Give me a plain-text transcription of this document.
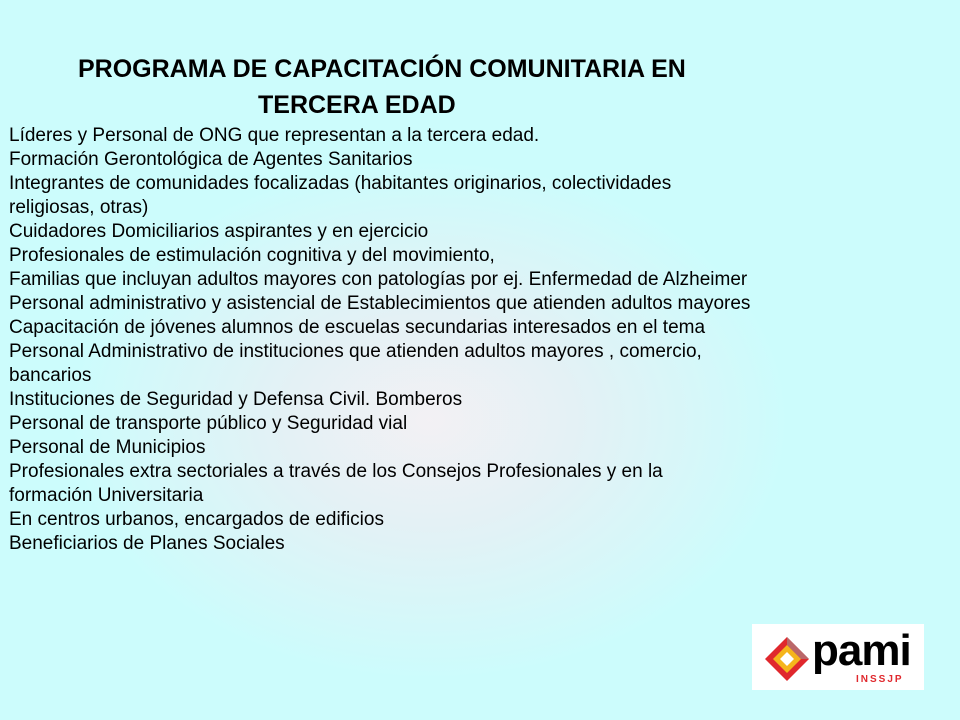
PROGRAMA DE CAPACITACIÓN COMUNITARIA EN
TERCERA EDAD
Líderes y Personal de ONG que representan a la tercera edad.
Formación Gerontológica de Agentes Sanitarios
Integrantes de comunidades focalizadas (habitantes originarios, colectividades
religiosas, otras)
Cuidadores Domiciliarios aspirantes y en ejercicio
Profesionales de estimulación cognitiva y del movimiento,
Familias que incluyan adultos mayores con patologías por ej. Enfermedad de Alzheimer
Personal administrativo y asistencial de Establecimientos que atienden adultos mayores
Capacitación de jóvenes alumnos de escuelas secundarias interesados en el tema
Personal Administrativo de instituciones que atienden adultos mayores , comercio,
bancarios
Instituciones de Seguridad y Defensa Civil. Bomberos
Personal de transporte público y Seguridad vial
Personal de Municipios
Profesionales extra sectoriales a través de los Consejos Profesionales y en la
formación Universitaria
En centros urbanos, encargados de edificios
Beneficiarios de Planes Sociales
pami
INSSJP
